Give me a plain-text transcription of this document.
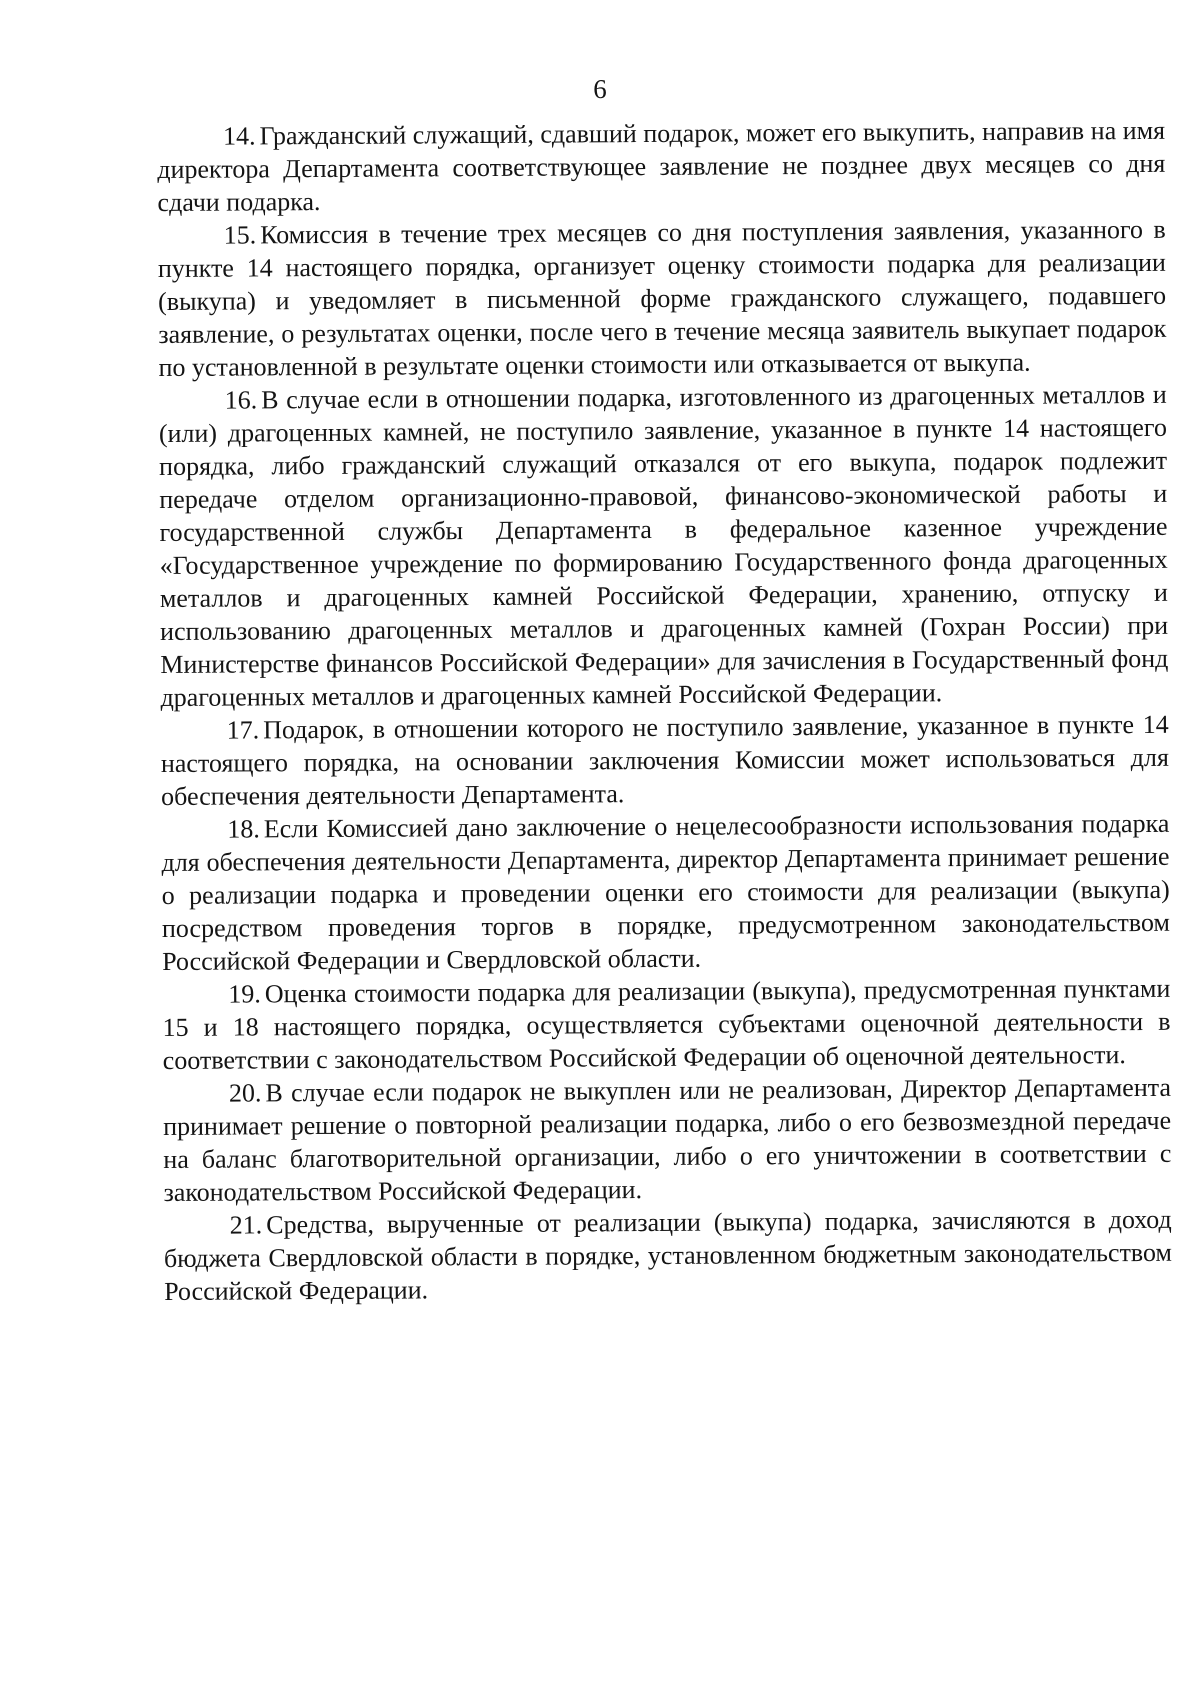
6

14. Гражданский служащий, сдавший подарок, может его выкупить, направив на имя директора Департамента соответствующее заявление не позднее двух месяцев со дня сдачи подарка.

15. Комиссия в течение трех месяцев со дня поступления заявления, указанного в пункте 14 настоящего порядка, организует оценку стоимости подарка для реализации (выкупа) и уведомляет в письменной форме гражданского служащего, подавшего заявление, о результатах оценки, после чего в течение месяца заявитель выкупает подарок по установленной в результате оценки стоимости или отказывается от выкупа.

16. В случае если в отношении подарка, изготовленного из драгоценных металлов и (или) драгоценных камней, не поступило заявление, указанное в пункте 14 настоящего порядка, либо гражданский служащий отказался от его выкупа, подарок подлежит передаче отделом организационно-правовой, финансово-экономической работы и государственной службы Департамента в федеральное казенное учреждение «Государственное учреждение по формированию Государственного фонда драгоценных металлов и драгоценных камней Российской Федерации, хранению, отпуску и использованию драгоценных металлов и драгоценных камней (Гохран России) при Министерстве финансов Российской Федерации» для зачисления в Государственный фонд драгоценных металлов и драгоценных камней Российской Федерации.

17. Подарок, в отношении которого не поступило заявление, указанное в пункте 14 настоящего порядка, на основании заключения Комиссии может использоваться для обеспечения деятельности Департамента.

18. Если Комиссией дано заключение о нецелесообразности использования подарка для обеспечения деятельности Департамента, директор Департамента принимает решение о реализации подарка и проведении оценки его стоимости для реализации (выкупа) посредством проведения торгов в порядке, предусмотренном законодательством Российской Федерации и Свердловской области.

19. Оценка стоимости подарка для реализации (выкупа), предусмотренная пунктами 15 и 18 настоящего порядка, осуществляется субъектами оценочной деятельности в соответствии с законодательством Российской Федерации об оценочной деятельности.

20. В случае если подарок не выкуплен или не реализован, Директор Департамента принимает решение о повторной реализации подарка, либо о его безвозмездной передаче на баланс благотворительной организации, либо о его уничтожении в соответствии с законодательством Российской Федерации.

21. Средства, вырученные от реализации (выкупа) подарка, зачисляются в доход бюджета Свердловской области в порядке, установленном бюджетным законодательством Российской Федерации.
